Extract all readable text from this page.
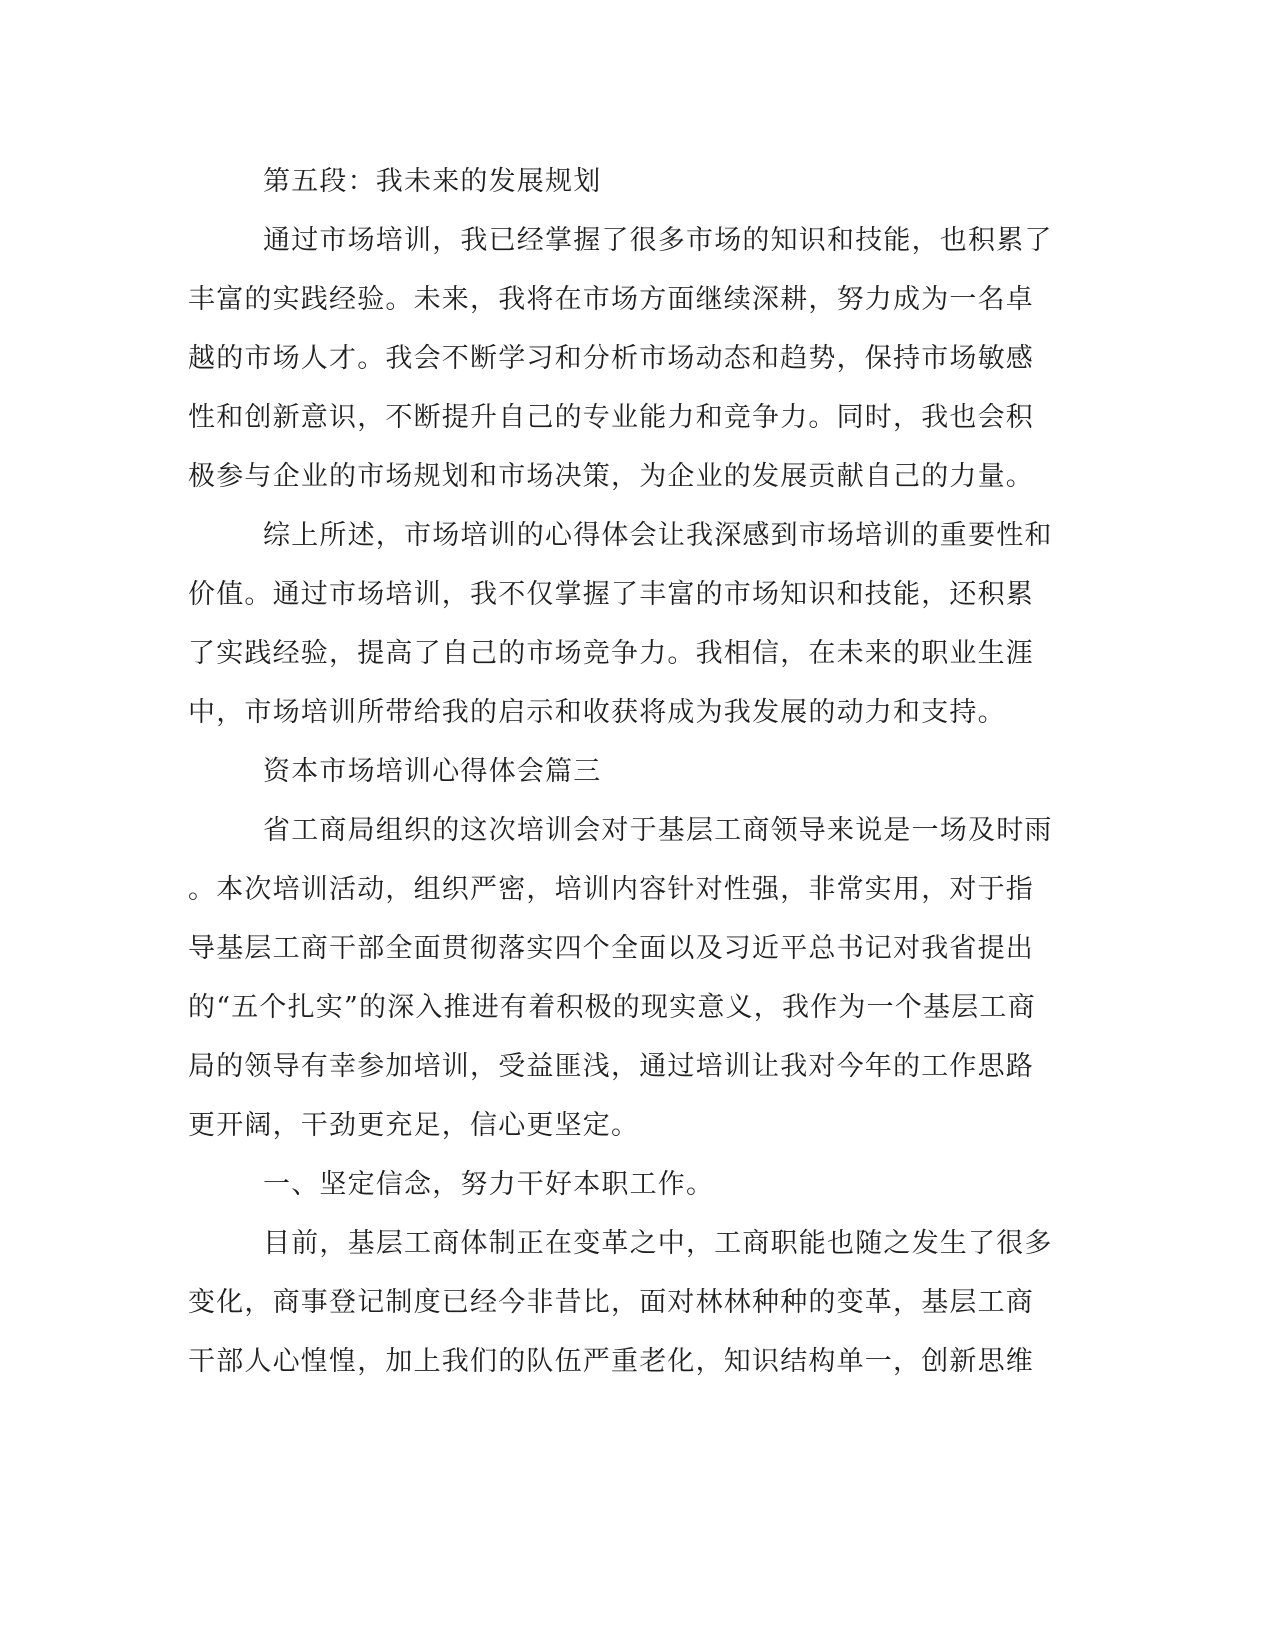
第五段：我未来的发展规划
通过市场培训，我已经掌握了很多市场的知识和技能，也积累了
丰富的实践经验。未来，我将在市场方面继续深耕，努力成为一名卓
越的市场人才。我会不断学习和分析市场动态和趋势，保持市场敏感
性和创新意识，不断提升自己的专业能力和竞争力。同时，我也会积
极参与企业的市场规划和市场决策，为企业的发展贡献自己的力量。
综上所述，市场培训的心得体会让我深感到市场培训的重要性和
价值。通过市场培训，我不仅掌握了丰富的市场知识和技能，还积累
了实践经验，提高了自己的市场竞争力。我相信，在未来的职业生涯
中，市场培训所带给我的启示和收获将成为我发展的动力和支持。
资本市场培训心得体会篇三
省工商局组织的这次培训会对于基层工商领导来说是一场及时雨
。本次培训活动，组织严密，培训内容针对性强，非常实用，对于指
导基层工商干部全面贯彻落实四个全面以及习近平总书记对我省提出
的“五个扎实”的深入推进有着积极的现实意义，我作为一个基层工商
局的领导有幸参加培训，受益匪浅，通过培训让我对今年的工作思路
更开阔，干劲更充足，信心更坚定。
一、坚定信念，努力干好本职工作。
目前，基层工商体制正在变革之中，工商职能也随之发生了很多
变化，商事登记制度已经今非昔比，面对林林种种的变革，基层工商
干部人心惶惶，加上我们的队伍严重老化，知识结构单一，创新思维
